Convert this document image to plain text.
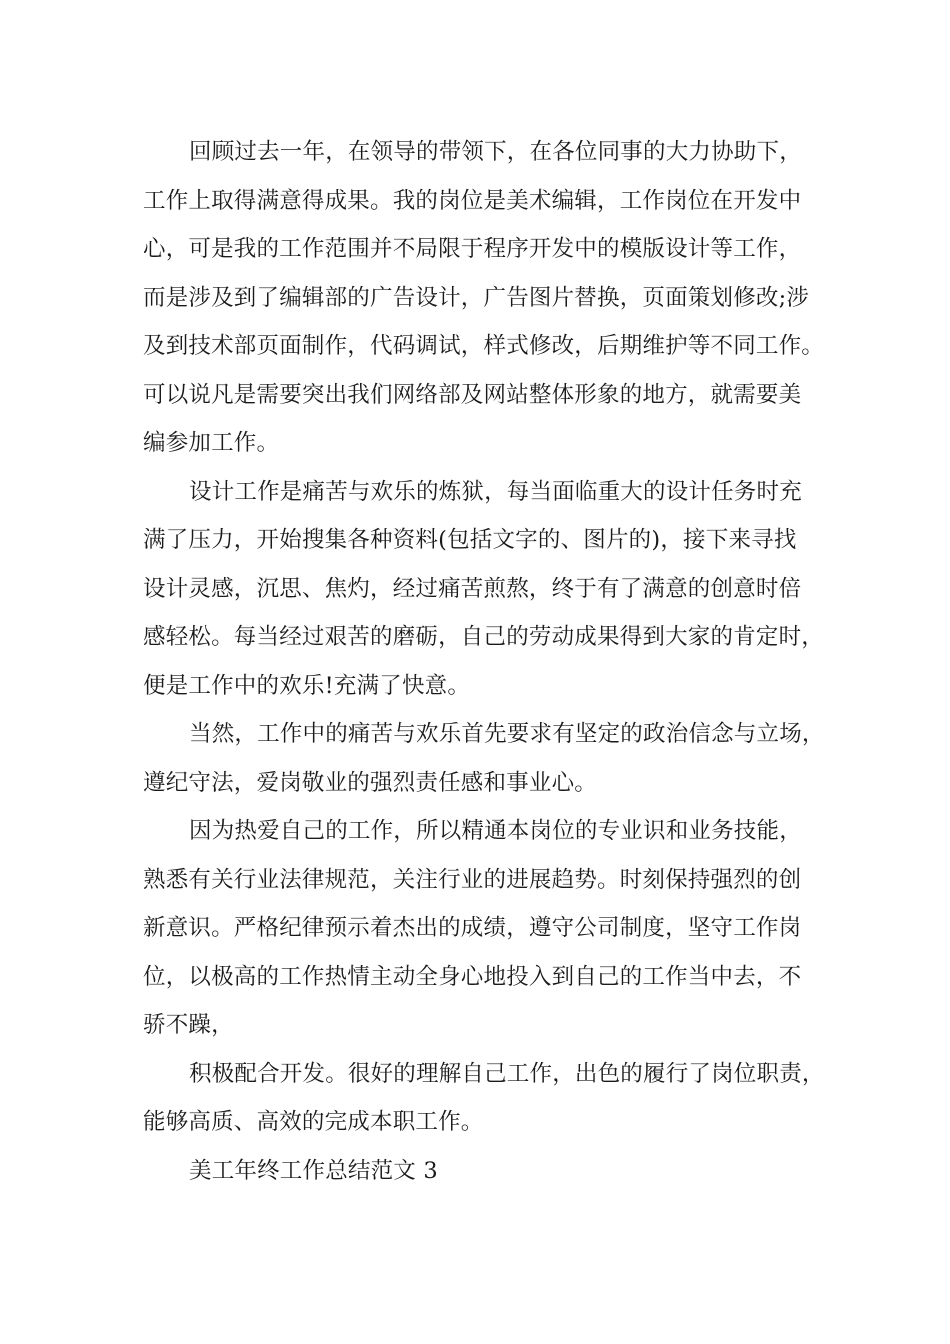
回顾过去一年，在领导的带领下，在各位同事的大力协助下，
工作上取得满意得成果。我的岗位是美术编辑，工作岗位在开发中
心，可是我的工作范围并不局限于程序开发中的模版设计等工作，
而是涉及到了编辑部的广告设计，广告图片替换，页面策划修改;涉
及到技术部页面制作，代码调试，样式修改，后期维护等不同工作。
可以说凡是需要突出我们网络部及网站整体形象的地方，就需要美
编参加工作。
设计工作是痛苦与欢乐的炼狱，每当面临重大的设计任务时充
满了压力，开始搜集各种资料(包括文字的、图片的)，接下来寻找
设计灵感，沉思、焦灼，经过痛苦煎熬，终于有了满意的创意时倍
感轻松。每当经过艰苦的磨砺，自己的劳动成果得到大家的肯定时，
便是工作中的欢乐!充满了快意。
当然，工作中的痛苦与欢乐首先要求有坚定的政治信念与立场，
遵纪守法，爱岗敬业的强烈责任感和事业心。
因为热爱自己的工作，所以精通本岗位的专业识和业务技能，
熟悉有关行业法律规范，关注行业的进展趋势。时刻保持强烈的创
新意识。严格纪律预示着杰出的成绩，遵守公司制度，坚守工作岗
位，以极高的工作热情主动全身心地投入到自己的工作当中去，不
骄不躁，
积极配合开发。很好的理解自己工作，出色的履行了岗位职责，
能够高质、高效的完成本职工作。
美工年终工作总结范文 3
